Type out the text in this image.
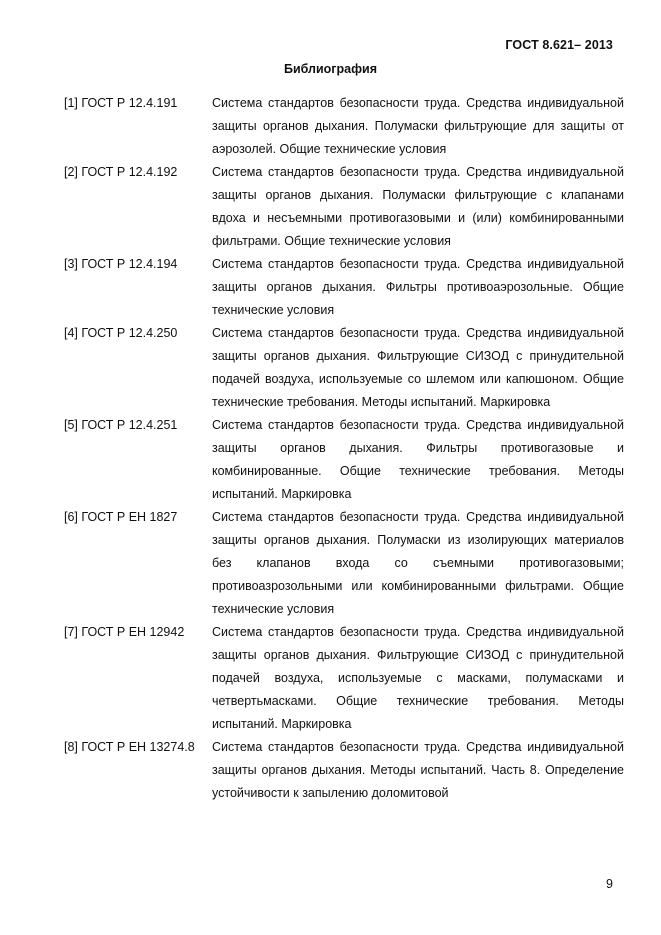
ГОСТ 8.621– 2013
Библиография
[1] ГОСТ Р 12.4.191	Система стандартов безопасности труда. Средства индивидуальной защиты органов дыхания. Полумаски фильтрующие для защиты от аэрозолей. Общие технические условия
[2] ГОСТ Р 12.4.192	Система стандартов безопасности труда. Средства индивидуальной защиты органов дыхания. Полумаски фильтрующие с клапанами вдоха и несъемными противогазовыми и (или) комбинированными фильтрами. Общие технические условия
[3] ГОСТ Р 12.4.194	Система стандартов безопасности труда. Средства индивидуальной защиты органов дыхания. Фильтры противоаэрозольные. Общие технические условия
[4] ГОСТ Р 12.4.250	Система стандартов безопасности труда. Средства индивидуальной защиты органов дыхания. Фильтрующие СИЗОД с принудительной подачей воздуха, используемые со шлемом или капюшоном. Общие технические требования. Методы испытаний. Маркировка
[5] ГОСТ Р 12.4.251	Система стандартов безопасности труда. Средства индивидуальной защиты органов дыхания. Фильтры противогазовые и комбинированные. Общие технические требования. Методы испытаний. Маркировка
[6] ГОСТ Р ЕН 1827	Система стандартов безопасности труда. Средства индивидуальной защиты органов дыхания. Полумаски из изолирующих материалов без клапанов входа со съемными противогазовыми; противоазрозольными или комбинированными фильтрами. Общие технические условия
[7] ГОСТ Р ЕН 12942	Система стандартов безопасности труда. Средства индивидуальной защиты органов дыхания. Фильтрующие СИЗОД с принудительной подачей воздуха, используемые с масками, полумасками и четвертьмасками. Общие технические требования. Методы испытаний. Маркировка
[8] ГОСТ Р ЕН 13274.8	Система стандартов безопасности труда. Средства индивидуальной защиты органов дыхания. Методы испытаний. Часть 8. Определение устойчивости к запылению доломитовой
9
